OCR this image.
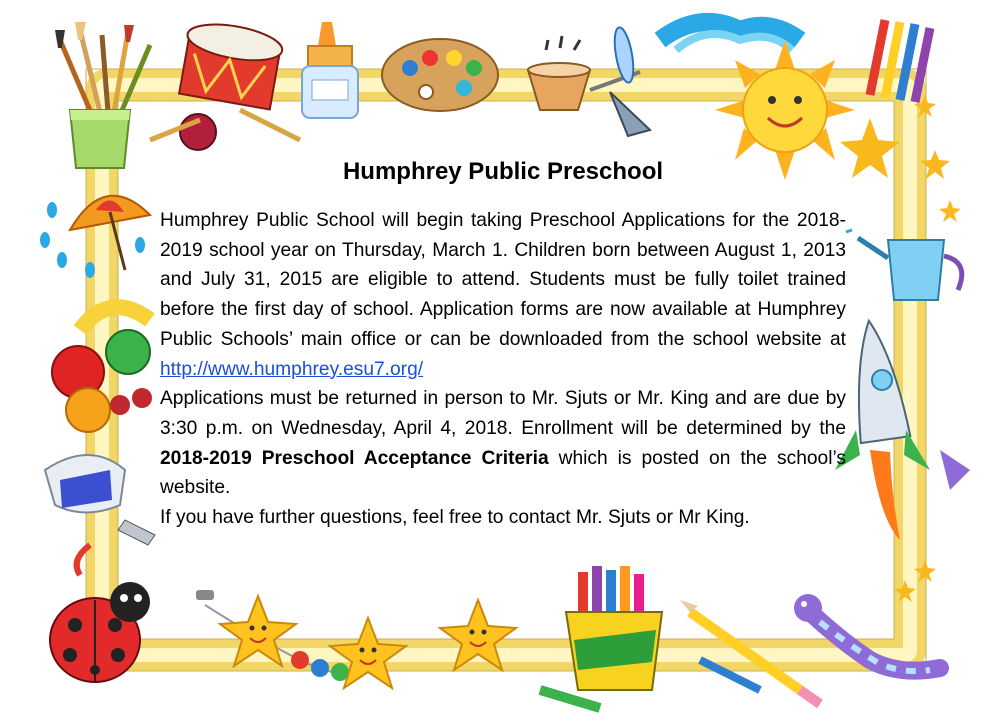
Humphrey Public Preschool

Humphrey Public School will begin taking Preschool Applications for the 2018-2019 school year on Thursday, March 1. Children born between August 1, 2013 and July 31, 2015 are eligible to attend. Students must be fully toilet trained before the first day of school. Application forms are now available at Humphrey Public Schools’ main office or can be downloaded from the school website at http://www.humphrey.esu7.org/

Applications must be returned in person to Mr. Sjuts or Mr. King and are due by 3:30 p.m. on Wednesday, April 4, 2018. Enrollment will be determined by the 2018-2019 Preschool Acceptance Criteria which is posted on the school’s website.

If you have further questions, feel free to contact Mr. Sjuts or Mr King.
